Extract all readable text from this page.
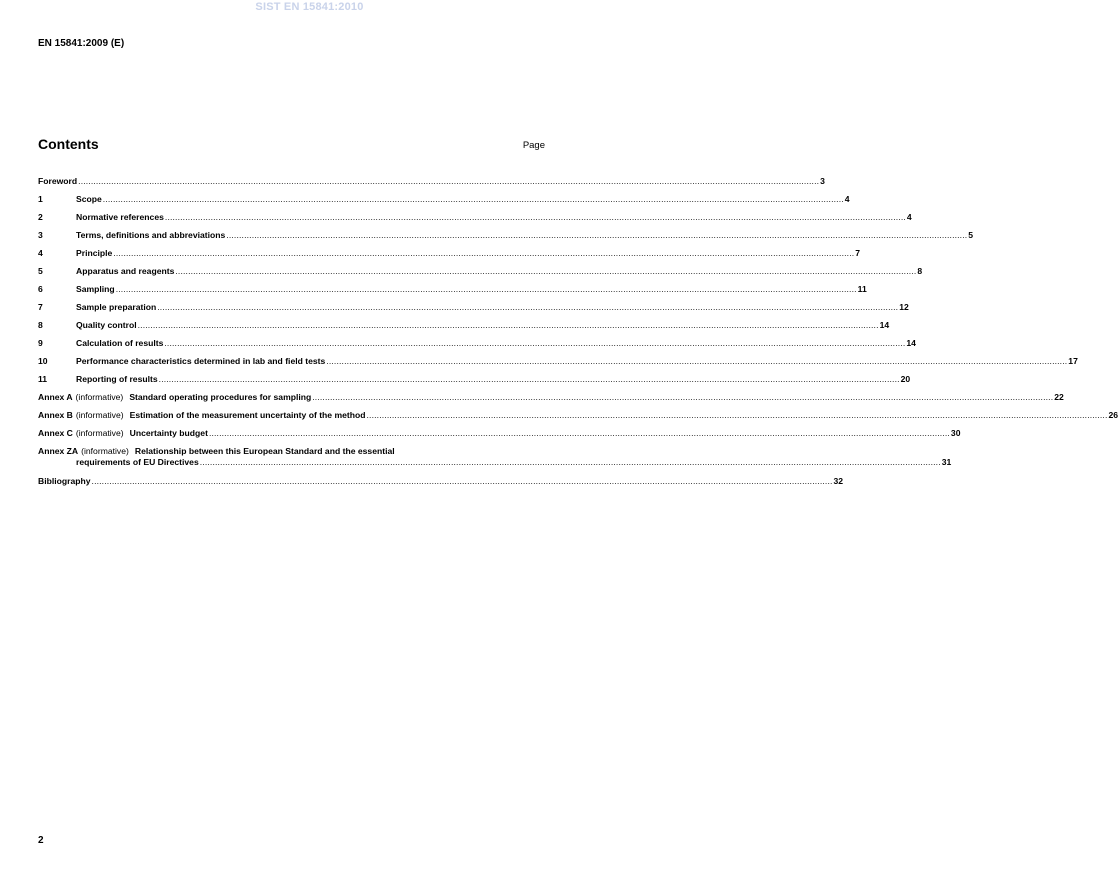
SIST EN 15841:2010
EN 15841:2009 (E)
Contents	Page
Foreword .....	3
1	Scope .....	4
2	Normative references .....	4
3	Terms, definitions and abbreviations .....	5
4	Principle .....	7
5	Apparatus and reagents .....	8
6	Sampling .....	11
7	Sample preparation .....	12
8	Quality control .....	14
9	Calculation of results .....	14
10	Performance characteristics determined in lab and field tests .....	17
11	Reporting of results .....	20
Annex A (informative) Standard operating procedures for sampling .....	22
Annex B (informative) Estimation of the measurement uncertainty of the method .....	26
Annex C (informative) Uncertainty budget .....	30
Annex ZA (informative) Relationship between this European Standard and the essential
requirements of EU Directives .....	31
Bibliography .....	32
2
